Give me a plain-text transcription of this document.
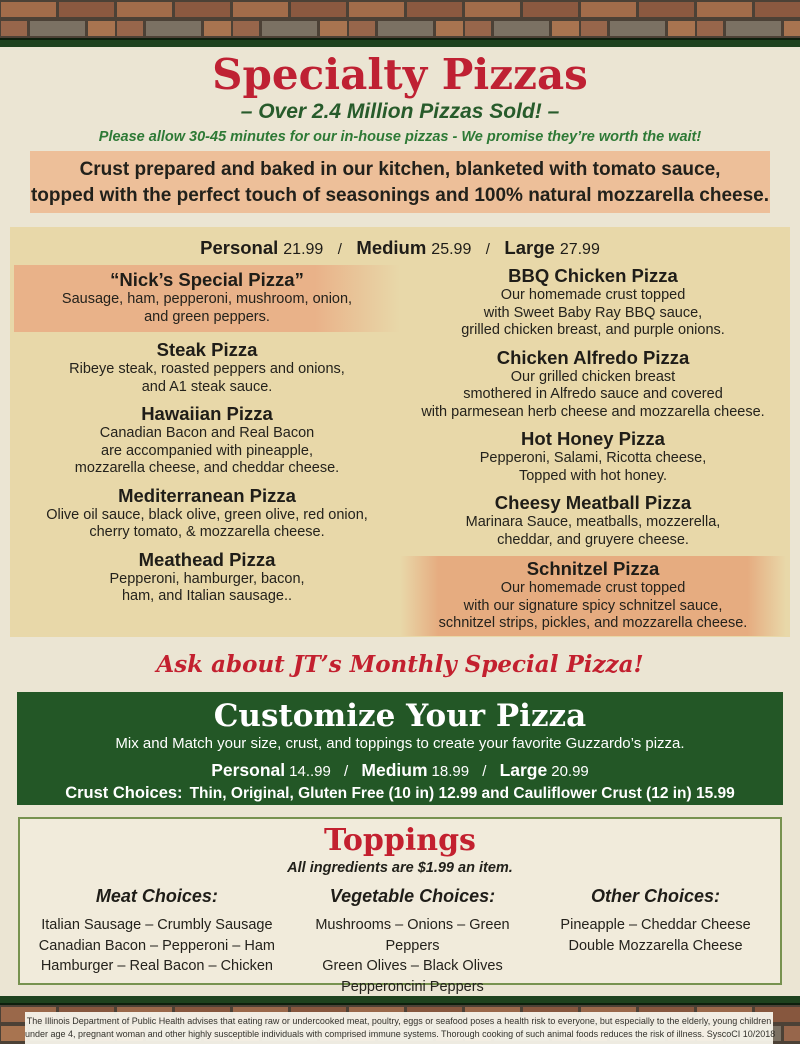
Specialty Pizzas
– Over 2.4 Million Pizzas Sold! –
Please allow 30-45 minutes for our in-house pizzas - We promise they’re worth the wait!
Crust prepared and baked in our kitchen, blanketed with tomato sauce,
topped with the perfect touch of seasonings and 100% natural mozzarella cheese.
Personal 21.99 / Medium 25.99 / Large 27.99
“Nick’s Special Pizza”
Sausage, ham, pepperoni, mushroom, onion,
and green peppers.
Steak Pizza
Ribeye steak, roasted peppers and onions,
and A1 steak sauce.
Hawaiian Pizza
Canadian Bacon and Real Bacon
are accompanied with pineapple,
mozzarella cheese, and cheddar cheese.
Mediterranean Pizza
Olive oil sauce, black olive, green olive, red onion,
cherry tomato, & mozzarella cheese.
Meathead Pizza
Pepperoni, hamburger, bacon,
ham, and Italian sausage..
BBQ Chicken Pizza
Our homemade crust topped
with Sweet Baby Ray BBQ sauce,
grilled chicken breast, and purple onions.
Chicken Alfredo Pizza
Our grilled chicken breast
smothered in Alfredo sauce and covered
with parmesean herb cheese and mozzarella cheese.
Hot Honey Pizza
Pepperoni, Salami, Ricotta cheese,
Topped with hot honey.
Cheesy Meatball Pizza
Marinara Sauce, meatballs, mozzerella,
cheddar, and gruyere cheese.
Schnitzel Pizza
Our homemade crust topped
with our signature spicy schnitzel sauce,
schnitzel strips, pickles, and mozzarella cheese.
Ask about JT’s Monthly Special Pizza!
Customize Your Pizza
Mix and Match your size, crust, and toppings to create your favorite Guzzardo’s pizza.
Personal 14..99 / Medium 18.99 / Large 20.99
Crust Choices: Thin, Original, Gluten Free (10 in) 12.99 and Cauliflower Crust (12 in) 15.99
Toppings
All ingredients are $1.99 an item.
Meat Choices:
Italian Sausage – Crumbly Sausage
Canadian Bacon – Pepperoni – Ham
Hamburger – Real Bacon – Chicken
Vegetable Choices:
Mushrooms – Onions – Green Peppers
Green Olives – Black Olives
Pepperoncini Peppers
Other Choices:
Pineapple – Cheddar Cheese
Double Mozzarella Cheese
The Illinois Department of Public Health advises that eating raw or undercooked meat, poultry, eggs or seafood poses a health risk to everyone, but especially to the elderly, young children
under age 4, pregnant woman and other highly susceptible individuals with comprised immune systems. Thorough cooking of such animal foods reduces the risk of illness. SyscoCI 10/2018
